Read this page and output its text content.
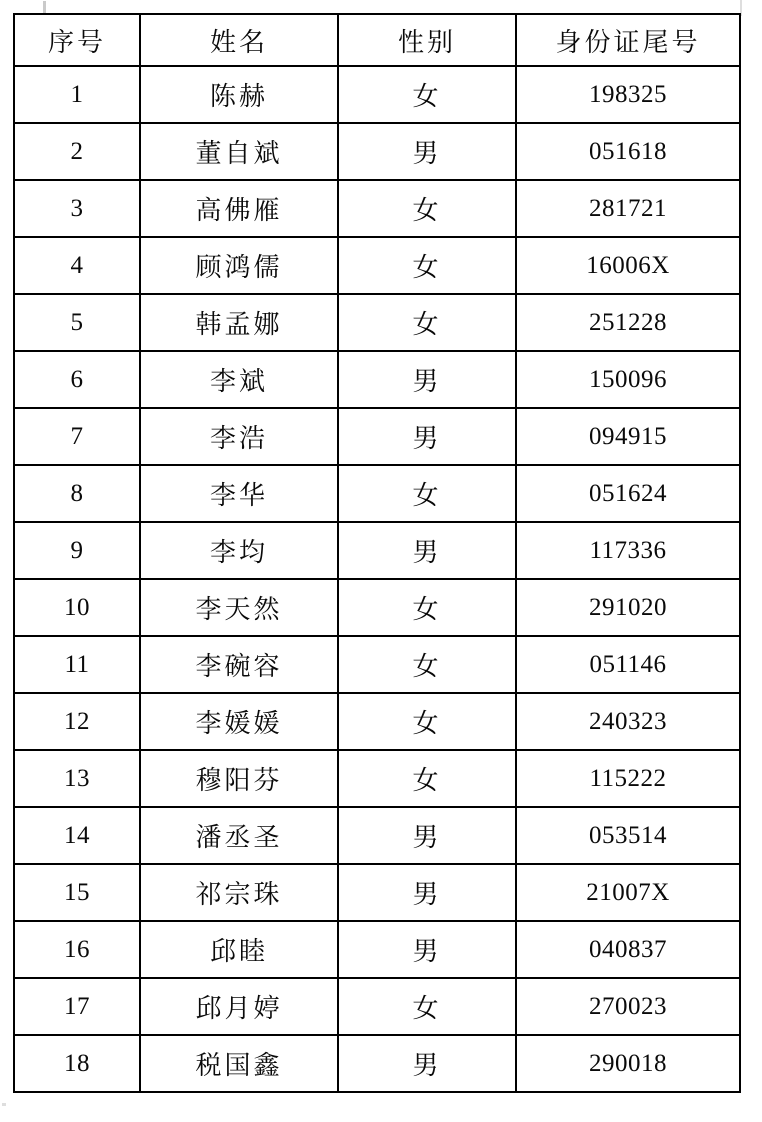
序号	姓名	性别	身份证尾号
1	陈赫	女	198325
2	董自斌	男	051618
3	高佛雁	女	281721
4	顾鸿儒	女	16006X
5	韩孟娜	女	251228
6	李斌	男	150096
7	李浩	男	094915
8	李华	女	051624
9	李均	男	117336
10	李天然	女	291020
11	李碗容	女	051146
12	李媛媛	女	240323
13	穆阳芬	女	115222
14	潘丞圣	男	053514
15	祁宗珠	男	21007X
16	邱睦	男	040837
17	邱月婷	女	270023
18	税国鑫	男	290018
